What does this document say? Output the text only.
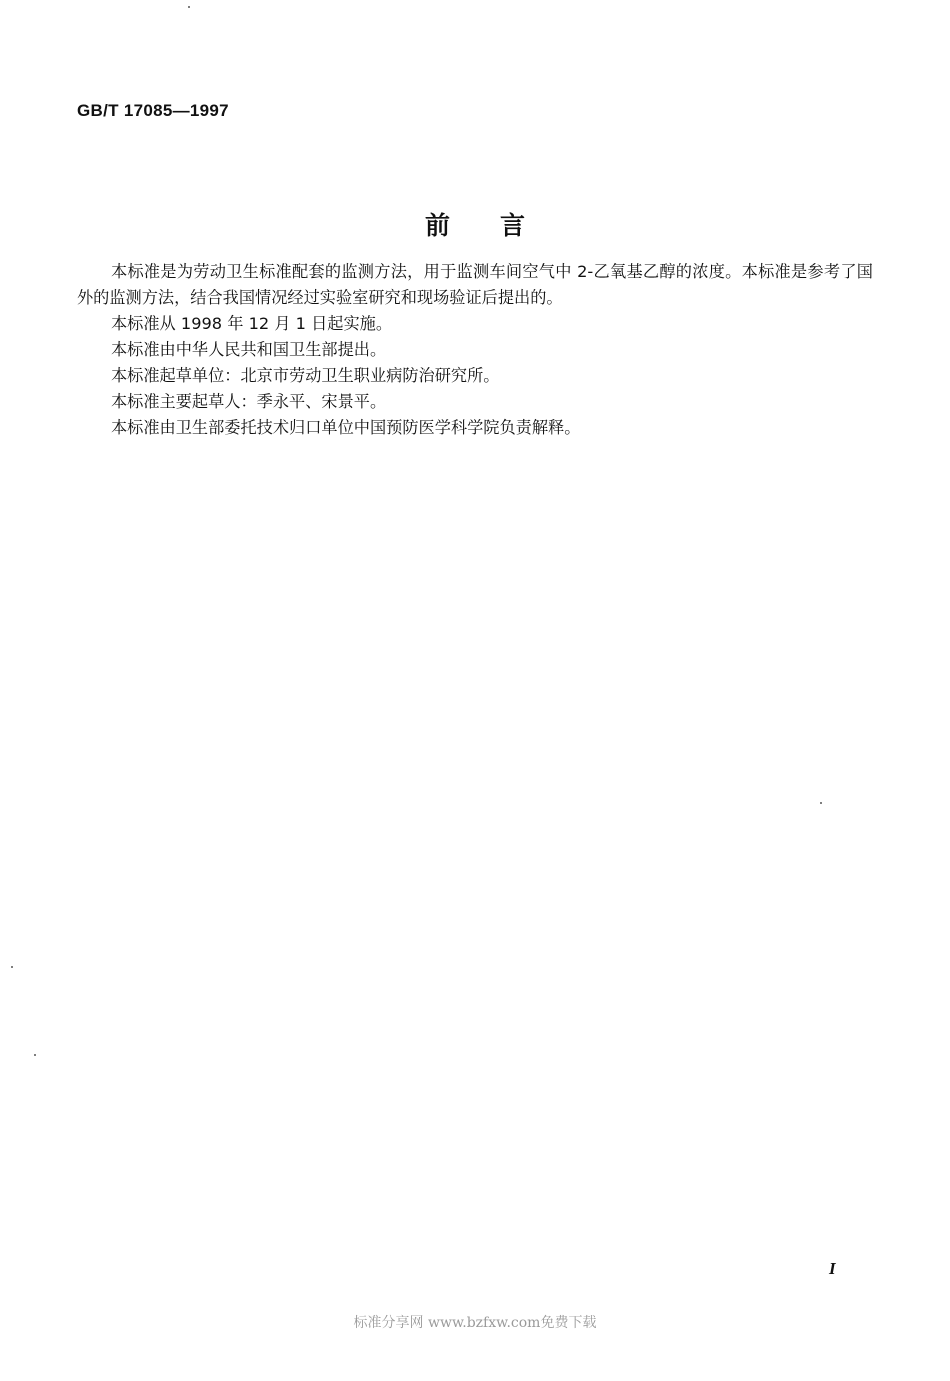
GB/T 17085—1997
前言

本标准是为劳动卫生标准配套的监测方法，用于监测车间空气中 2-乙氧基乙醇的浓度。本标准是参考了国外的监测方法，结合我国情况经过实验室研究和现场验证后提出的。

本标准从 1998 年 12 月 1 日起实施。

本标准由中华人民共和国卫生部提出。

本标准起草单位：北京市劳动卫生职业病防治研究所。

本标准主要起草人：季永平、宋景平。

本标准由卫生部委托技术归口单位中国预防医学科学院负责解释。

I
标准分享网 www.bzfxw.com免费下载
